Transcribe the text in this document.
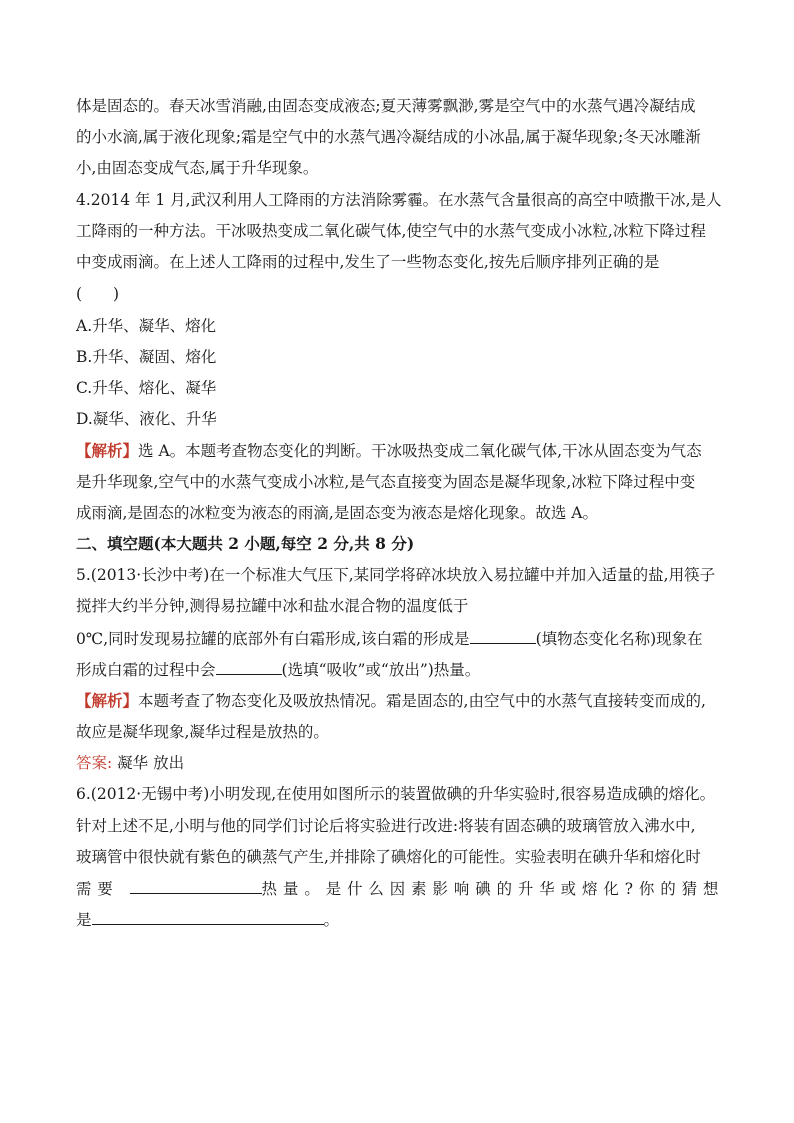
体是固态的。春天冰雪消融,由固态变成液态;夏天薄雾飘渺,雾是空气中的水蒸气遇冷凝结成
的小水滴,属于液化现象;霜是空气中的水蒸气遇冷凝结成的小冰晶,属于凝华现象;冬天冰雕渐
小,由固态变成气态,属于升华现象。
4.2014 年 1 月,武汉利用人工降雨的方法消除雾霾。在水蒸气含量很高的高空中喷撒干冰,是人
工降雨的一种方法。干冰吸热变成二氧化碳气体,使空气中的水蒸气变成小冰粒,冰粒下降过程
中变成雨滴。在上述人工降雨的过程中,发生了一些物态变化,按先后顺序排列正确的是
(　　)
A.升华、凝华、熔化
B.升华、凝固、熔化
C.升华、熔化、凝华
D.凝华、液化、升华
【解析】选 A。本题考查物态变化的判断。干冰吸热变成二氧化碳气体,干冰从固态变为气态
是升华现象,空气中的水蒸气变成小冰粒,是气态直接变为固态是凝华现象,冰粒下降过程中变
成雨滴,是固态的冰粒变为液态的雨滴,是固态变为液态是熔化现象。故选 A。
二、填空题(本大题共 2 小题,每空 2 分,共 8 分)
5.(2013·长沙中考)在一个标准大气压下,某同学将碎冰块放入易拉罐中并加入适量的盐,用筷子
搅拌大约半分钟,测得易拉罐中冰和盐水混合物的温度低于
0℃,同时发现易拉罐的底部外有白霜形成,该白霜的形成是	(填物态变化名称)现象在
形成白霜的过程中会	(选填“吸收”或“放出”)热量。
【解析】本题考查了物态变化及吸放热情况。霜是固态的,由空气中的水蒸气直接转变而成的,
故应是凝华现象,凝华过程是放热的。
答案: 凝华 放出
6.(2012·无锡中考)小明发现,在使用如图所示的装置做碘的升华实验时,很容易造成碘的熔化。
针对上述不足,小明与他的同学们讨论后将实验进行改进:将装有固态碘的玻璃管放入沸水中,
玻璃管中很快就有紫色的碘蒸气产生,并排除了碘熔化的可能性。实验表明在碘升华和熔化时
需要	热量。是什么因素影响碘的升华或熔化?你的猜想
是	。
